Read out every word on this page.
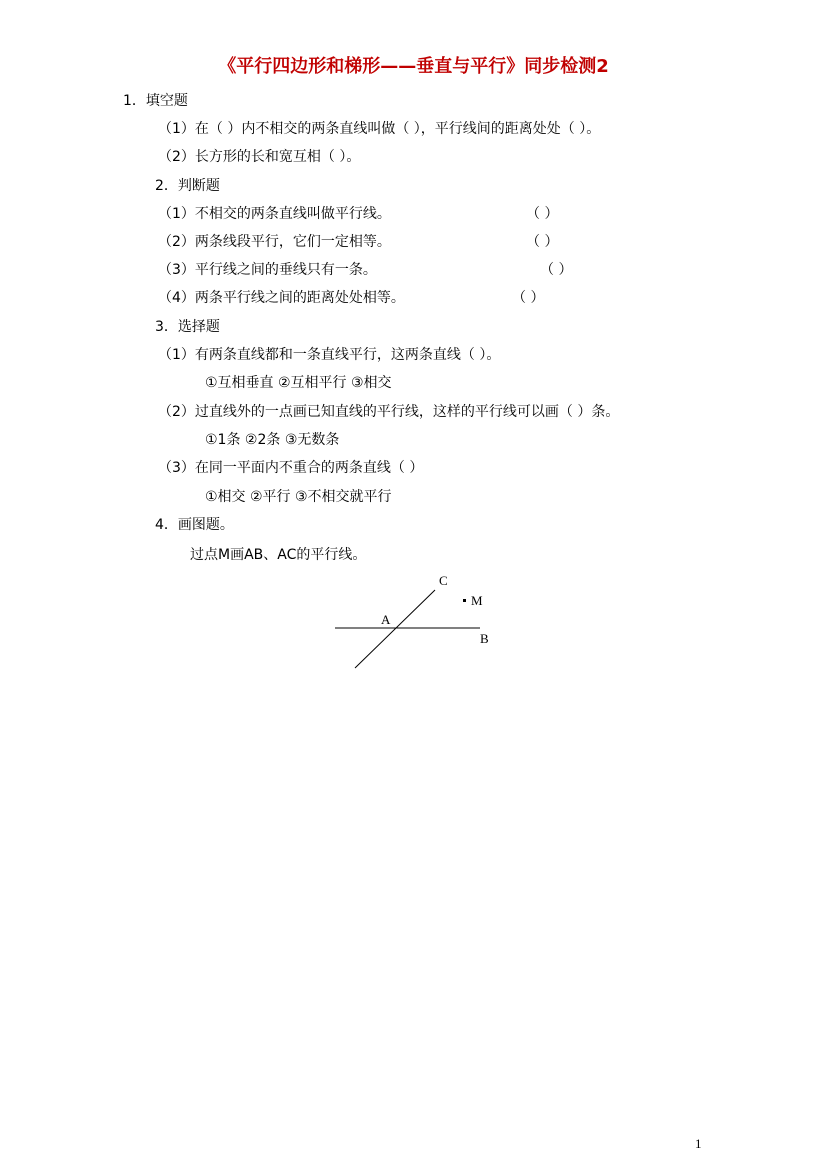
《平行四边形和梯形——垂直与平行》同步检测2
1．填空题
（1）在（ ）内不相交的两条直线叫做（ ），平行线间的距离处处（ ）。
（2）长方形的长和宽互相（ ）。
2．判断题
（1）不相交的两条直线叫做平行线。	（ ）
（2）两条线段平行，它们一定相等。	（ ）
（3）平行线之间的垂线只有一条。	（ ）
（4）两条平行线之间的距离处处相等。	（ ）
3．选择题
（1）有两条直线都和一条直线平行，这两条直线（ ）。
①互相垂直 ②互相平行 ③相交
（2）过直线外的一点画已知直线的平行线，这样的平行线可以画（ ）条。
①1条 ②2条 ③无数条
（3）在同一平面内不重合的两条直线（ ）
①相交 ②平行 ③不相交就平行
4．画图题。
过点M画AB、AC的平行线。
C
M
A
B
1
